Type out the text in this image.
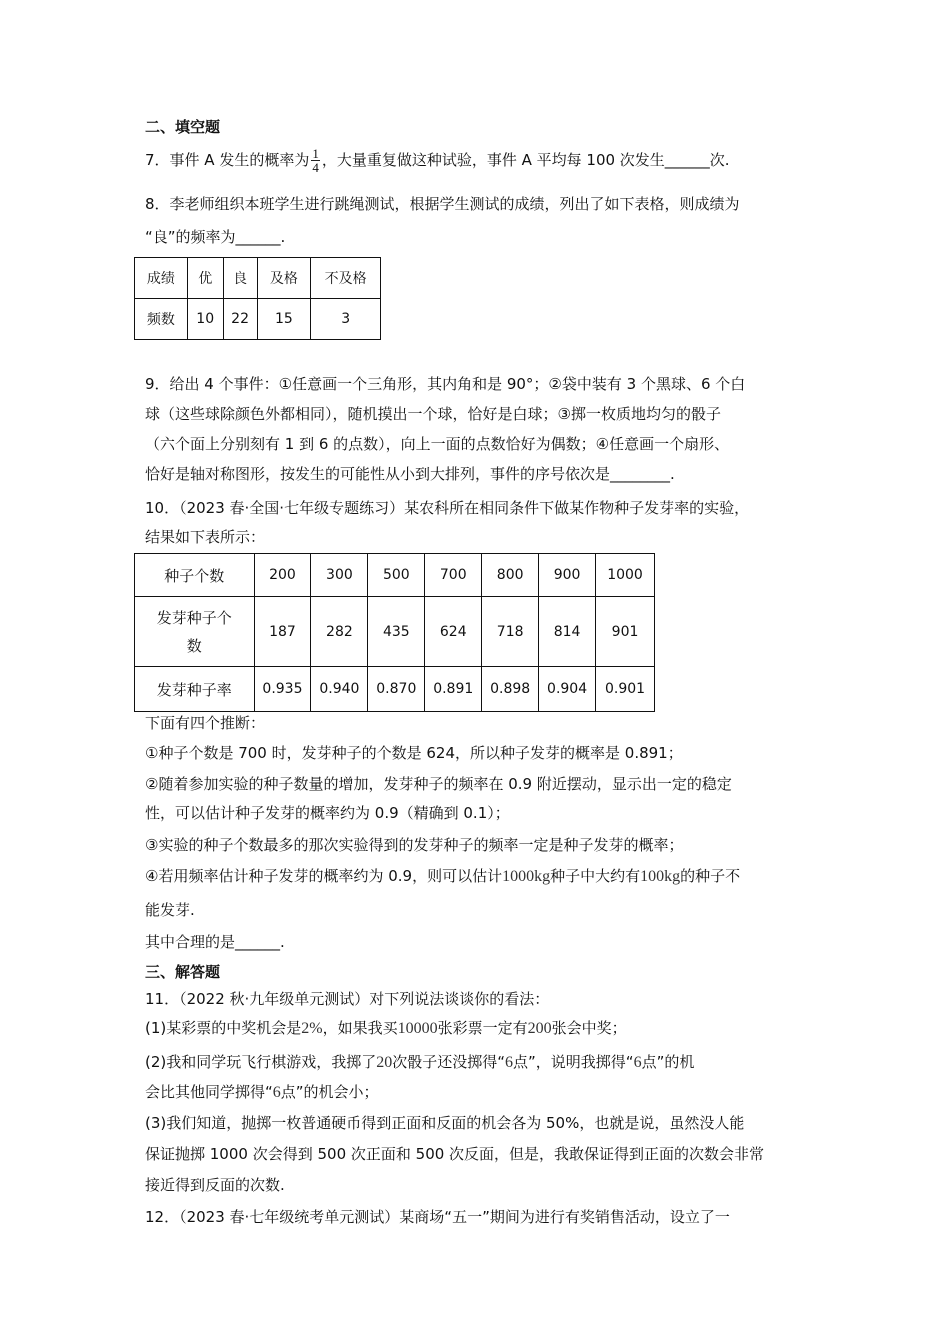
二、填空题
7．事件 A 发生的概率为 $\frac{1}{4}$ ，大量重复做这种试验，事件 A 平均每 100 次发生______次.
8．李老师组织本班学生进行跳绳测试，根据学生测试的成绩，列出了如下表格，则成绩为
“良”的频率为______.
成绩	优	良	及格	不及格
频数	10	22	15	3
9．给出 4 个事件：①任意画一个三角形，其内角和是 90°；②袋中装有 3 个黑球、6 个白
球（这些球除颜色外都相同），随机摸出一个球，恰好是白球；③掷一枚质地均匀的骰子
（六个面上分别刻有 1 到 6 的点数），向上一面的点数恰好为偶数；④任意画一个扇形、
恰好是轴对称图形，按发生的可能性从小到大排列，事件的序号依次是________.
10．（2023 春·全国·七年级专题练习）某农科所在相同条件下做某作物种子发芽率的实验，
结果如下表所示：
种子个数	200	300	500	700	800	900	1000
发芽种子个
数	187	282	435	624	718	814	901
发芽种子率	0.935	0.940	0.870	0.891	0.898	0.904	0.901
下面有四个推断：
①种子个数是 700 时，发芽种子的个数是 624，所以种子发芽的概率是 0.891；
②随着参加实验的种子数量的增加，发芽种子的频率在 0.9 附近摆动，显示出一定的稳定
性，可以估计种子发芽的概率约为 0.9（精确到 0.1）；
③实验的种子个数最多的那次实验得到的发芽种子的频率一定是种子发芽的概率；
④若用频率估计种子发芽的概率约为 0.9，则可以估计1000kg种子中大约有100kg的种子不
能发芽.
其中合理的是______.
三、解答题
11．（2022 秋·九年级单元测试）对下列说法谈谈你的看法：
(1)某彩票的中奖机会是2%，如果我买10000张彩票一定有200张会中奖；
(2)我和同学玩飞行棋游戏，我掷了20次骰子还没掷得“6点”，说明我掷得“6点”的机
会比其他同学掷得“6点”的机会小；
(3)我们知道，抛掷一枚普通硬币得到正面和反面的机会各为 50%，也就是说，虽然没人能
保证抛掷 1000 次会得到 500 次正面和 500 次反面，但是，我敢保证得到正面的次数会非常
接近得到反面的次数.
12．（2023 春·七年级统考单元测试）某商场“五一”期间为进行有奖销售活动，设立了一
